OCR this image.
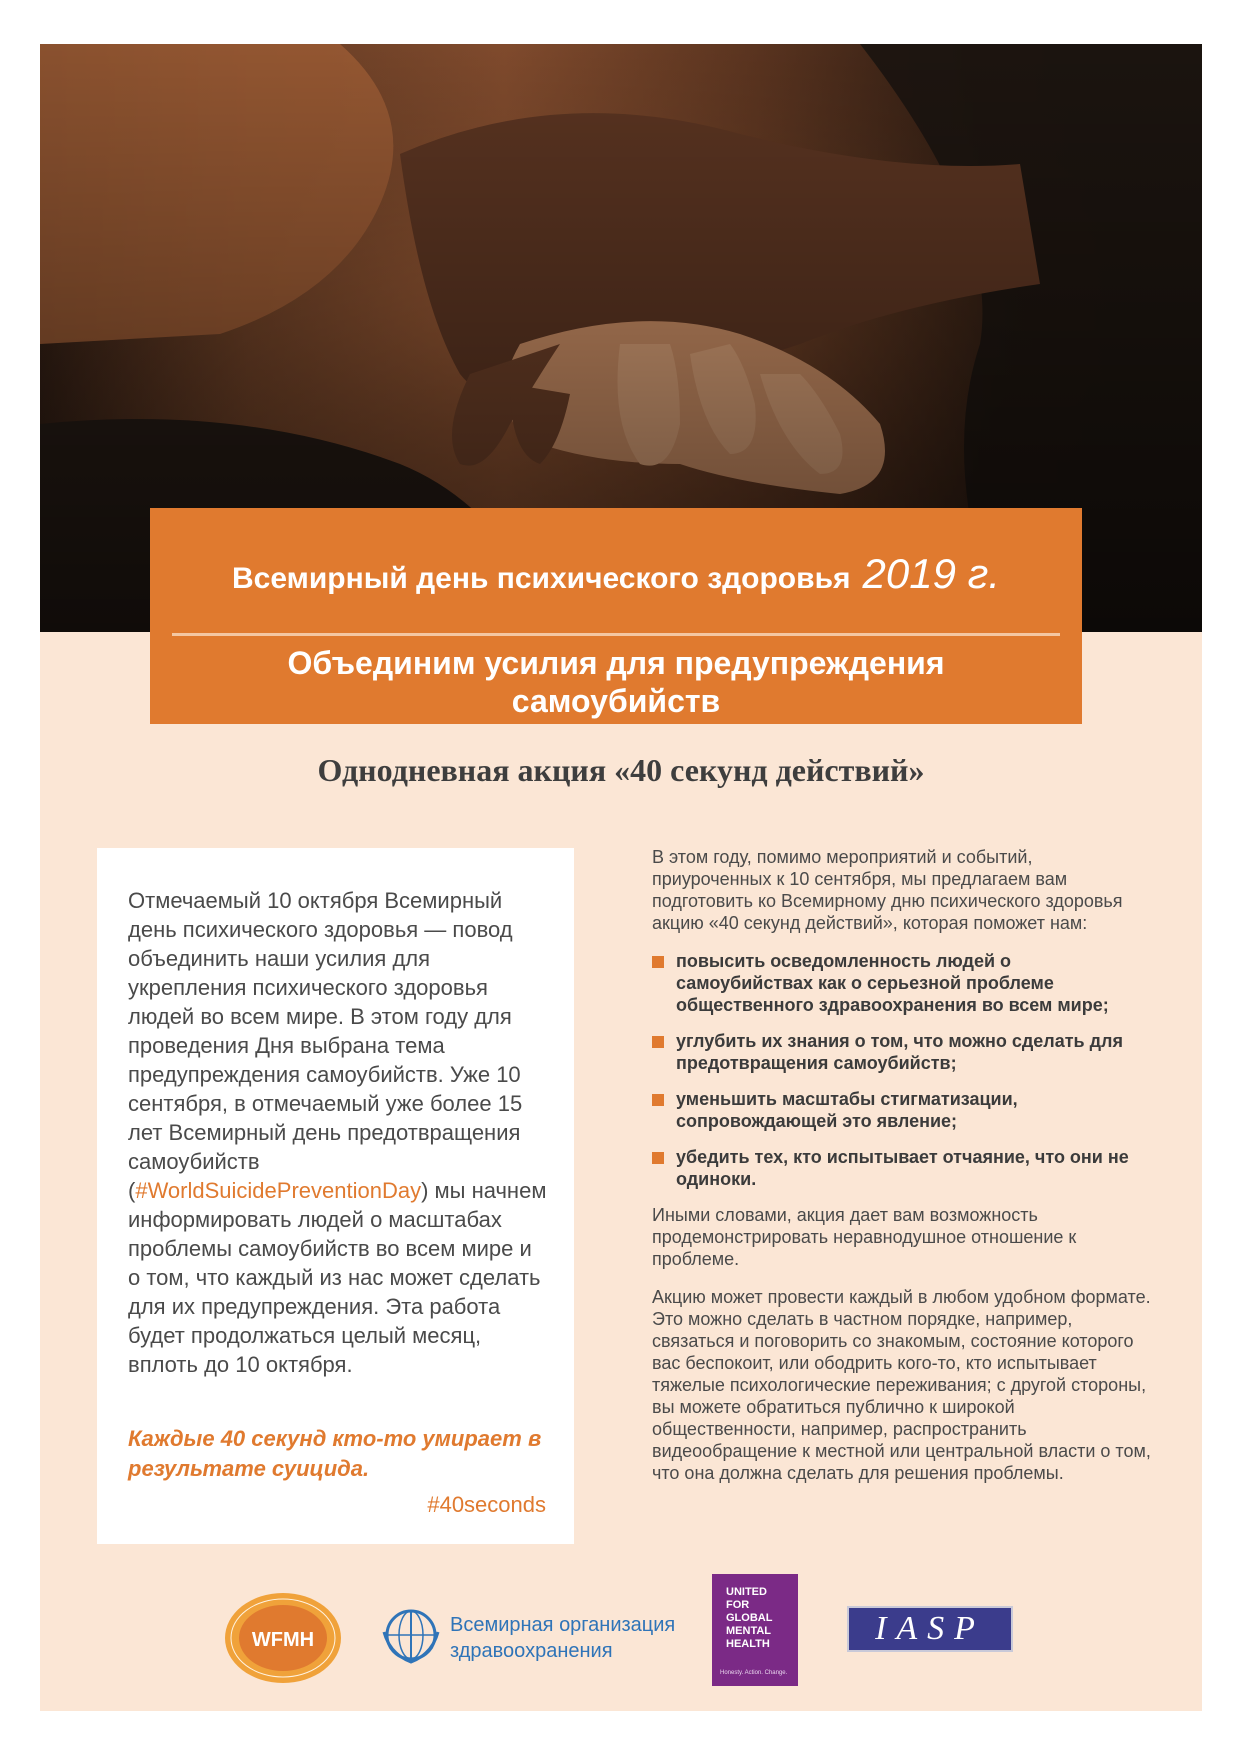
Всемирный день психического здоровья 2019 г.
Объединим усилия для предупреждения самоубийств
Однодневная акция «40 секунд действий»
Отмечаемый 10 октября Всемирный день психического здоровья — повод объединить наши усилия для укрепления психического здоровья людей во всем мире. В этом году для проведения Дня выбрана тема предупреждения самоубийств. Уже 10 сентября, в отмечаемый уже более 15 лет Всемирный день предотвращения самоубийств (#WorldSuicidePreventionDay) мы начнем информировать людей о масштабах проблемы самоубийств во всем мире и о том, что каждый из нас может сделать для их предупреждения. Эта работа будет продолжаться целый месяц, вплоть до 10 октября.
Каждые 40 секунд кто-то умирает в результате суицида.
#40seconds

В этом году, помимо мероприятий и событий, приуроченных к 10 сентября, мы предлагаем вам подготовить ко Всемирному дню психического здоровья акцию «40 секунд действий», которая поможет нам:

повысить осведомленность людей о самоубийствах как о серьезной проблеме общественного здравоохранения во всем мире;
углубить их знания о том, что можно сделать для предотвращения самоубийств;
уменьшить масштабы стигматизации, сопровождающей это явление;
убедить тех, кто испытывает отчаяние, что они не одиноки.

Иными словами, акция дает вам возможность продемонстрировать неравнодушное отношение к проблеме.

Акцию может провести каждый в любом удобном формате. Это можно сделать в частном порядке, например, связаться и поговорить со знакомым, состояние которого вас беспокоит, или ободрить кого-то, кто испытывает тяжелые психологические переживания; с другой стороны, вы можете обратиться публично к широкой общественности, например, распространить видеообращение к местной или центральной власти о том, что она должна сделать для решения проблемы.

WFMH
Всемирная организация
здравоохранения
UNITED
FOR
GLOBAL
MENTAL
HEALTH
Honesty. Action. Change.
IASP
